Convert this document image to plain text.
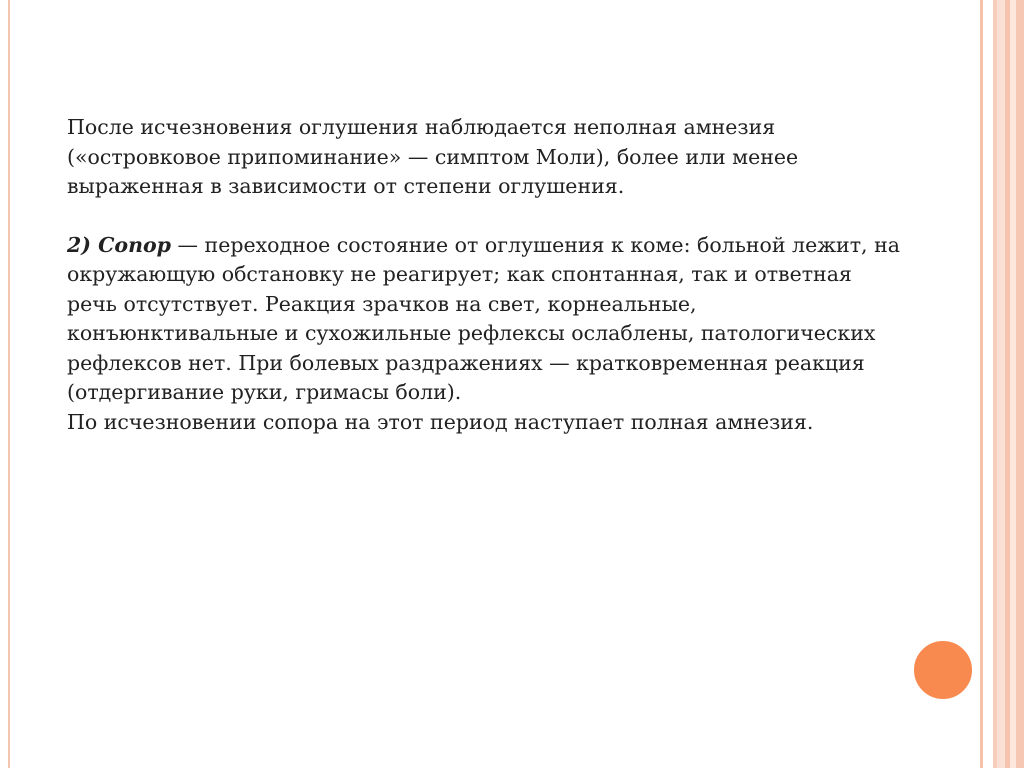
После исчезновения оглушения наблюдается неполная амнезия («островковое припоминание» — симптом Моли), более или менее выраженная в зависимости от степени оглушения.

2) Сопор — переходное состояние от оглушения к коме: больной лежит, на окружающую обстановку не реагирует; как спонтанная, так и ответная речь отсутствует. Реакция зрачков на свет, корнеальные, конъюнктивальные и сухожильные рефлексы ослаблены, патологических рефлексов нет. При болевых раздражениях — кратковременная реакция (отдергивание руки, гримасы боли).

По исчезновении сопора на этот период наступает полная амнезия.
